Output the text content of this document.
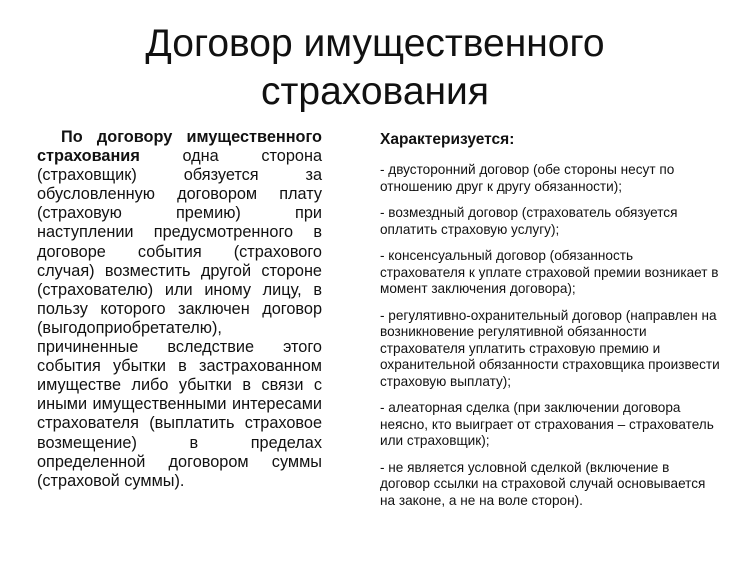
Договор имущественного
страхования

По договору имущественного страхования одна сторона (страховщик) обязуется за обусловленную договором плату (страховую премию) при наступлении предусмотренного в договоре события (страхового случая) возместить другой стороне (страхователю) или иному лицу, в пользу которого заключен договор (выгодоприобретателю), причиненные вследствие этого события убытки в застрахованном имуществе либо убытки в связи с иными имущественными интересами страхователя (выплатить страховое возмещение) в пределах определенной договором суммы (страховой суммы).

Характеризуется:
- двусторонний договор (обе стороны несут по отношению друг к другу обязанности);
- возмездный договор (страхователь обязуется оплатить страховую услугу);
- консенсуальный договор (обязанность страхователя к уплате страховой премии возникает в момент заключения договора);
- регулятивно-охранительный договор (направлен на возникновение регулятивной обязанности страхователя уплатить страховую премию и охранительной обязанности страховщика произвести страховую выплату);
- алеаторная сделка (при заключении договора неясно, кто выиграет от страхования – страхователь или страховщик);
- не является условной сделкой (включение в договор ссылки на страховой случай основывается на законе, а не на воле сторон).
